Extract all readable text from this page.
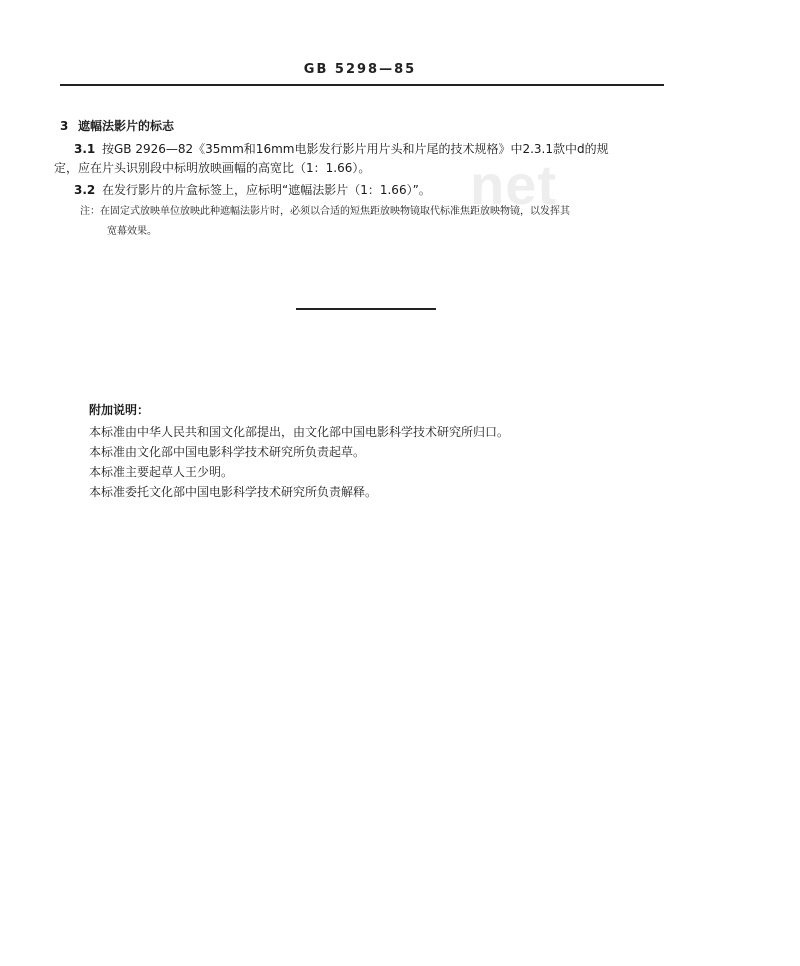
net
GB 5298—85
3 遮幅法影片的标志
3.1 按GB 2926—82《35mm和16mm电影发行影片用片头和片尾的技术规格》中2.3.1款中d的规
定，应在片头识别段中标明放映画幅的高宽比（1：1.66）。
3.2 在发行影片的片盒标签上，应标明“遮幅法影片（1：1.66）”。
注：在固定式放映单位放映此种遮幅法影片时，必须以合适的短焦距放映物镜取代标准焦距放映物镜，以发挥其
宽幕效果。

附加说明：

本标准由中华人民共和国文化部提出，由文化部中国电影科学技术研究所归口。

本标准由文化部中国电影科学技术研究所负责起草。

本标准主要起草人王少明。

本标准委托文化部中国电影科学技术研究所负责解释。
